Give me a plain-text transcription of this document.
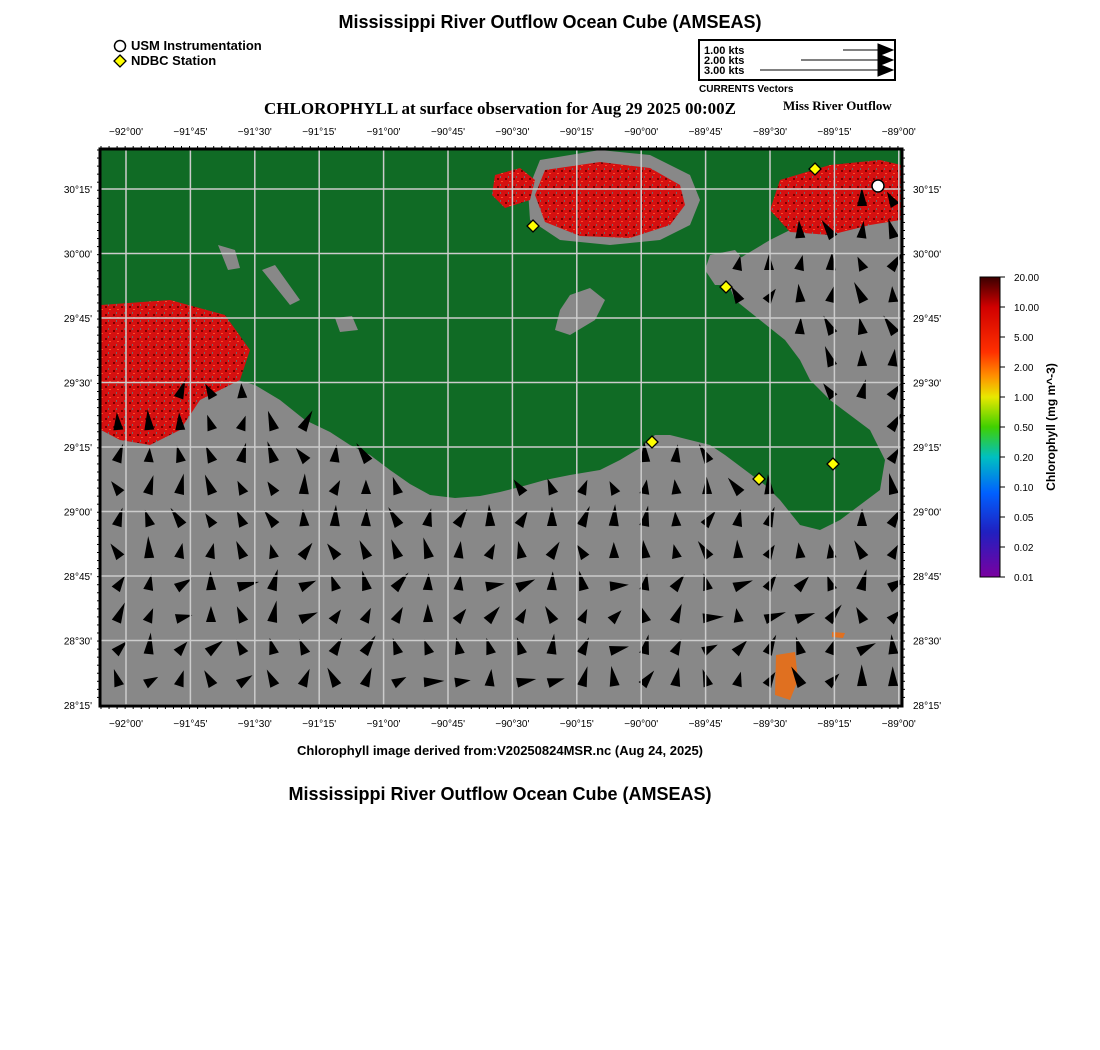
Mississippi River Outflow Ocean Cube (AMSEAS)
USM Instrumentation
NDBC Station
1.00 kts
2.00 kts
3.00 kts
CURRENTS Vectors
CHLOROPHYLL at surface observation for Aug 29 2025 00:00Z	Miss River Outflow
−92°00'
−92°00'
−91°45'
−91°45'
−91°30'
−91°30'
−91°15'
−91°15'
−91°00'
−91°00'
−90°45'
−90°45'
−90°30'
−90°30'
−90°15'
−90°15'
−90°00'
−90°00'
−89°45'
−89°45'
−89°30'
−89°30'
−89°15'
−89°15'
−89°00'
−89°00'
30°15'	30°15'
30°00'	30°00'
29°45'	29°45'
29°30'	29°30'
29°15'	29°15'
29°00'	29°00'
28°45'	28°45'
28°30'	28°30'
28°15'	28°15'
20.00
10.00
5.00
2.00
1.00
0.50
0.20
0.10
0.05
0.02
0.01
Chlorophyll (mg m^-3)
Chlorophyll image derived from:V20250824MSR.nc (Aug 24, 2025)
Mississippi River Outflow Ocean Cube (AMSEAS)
